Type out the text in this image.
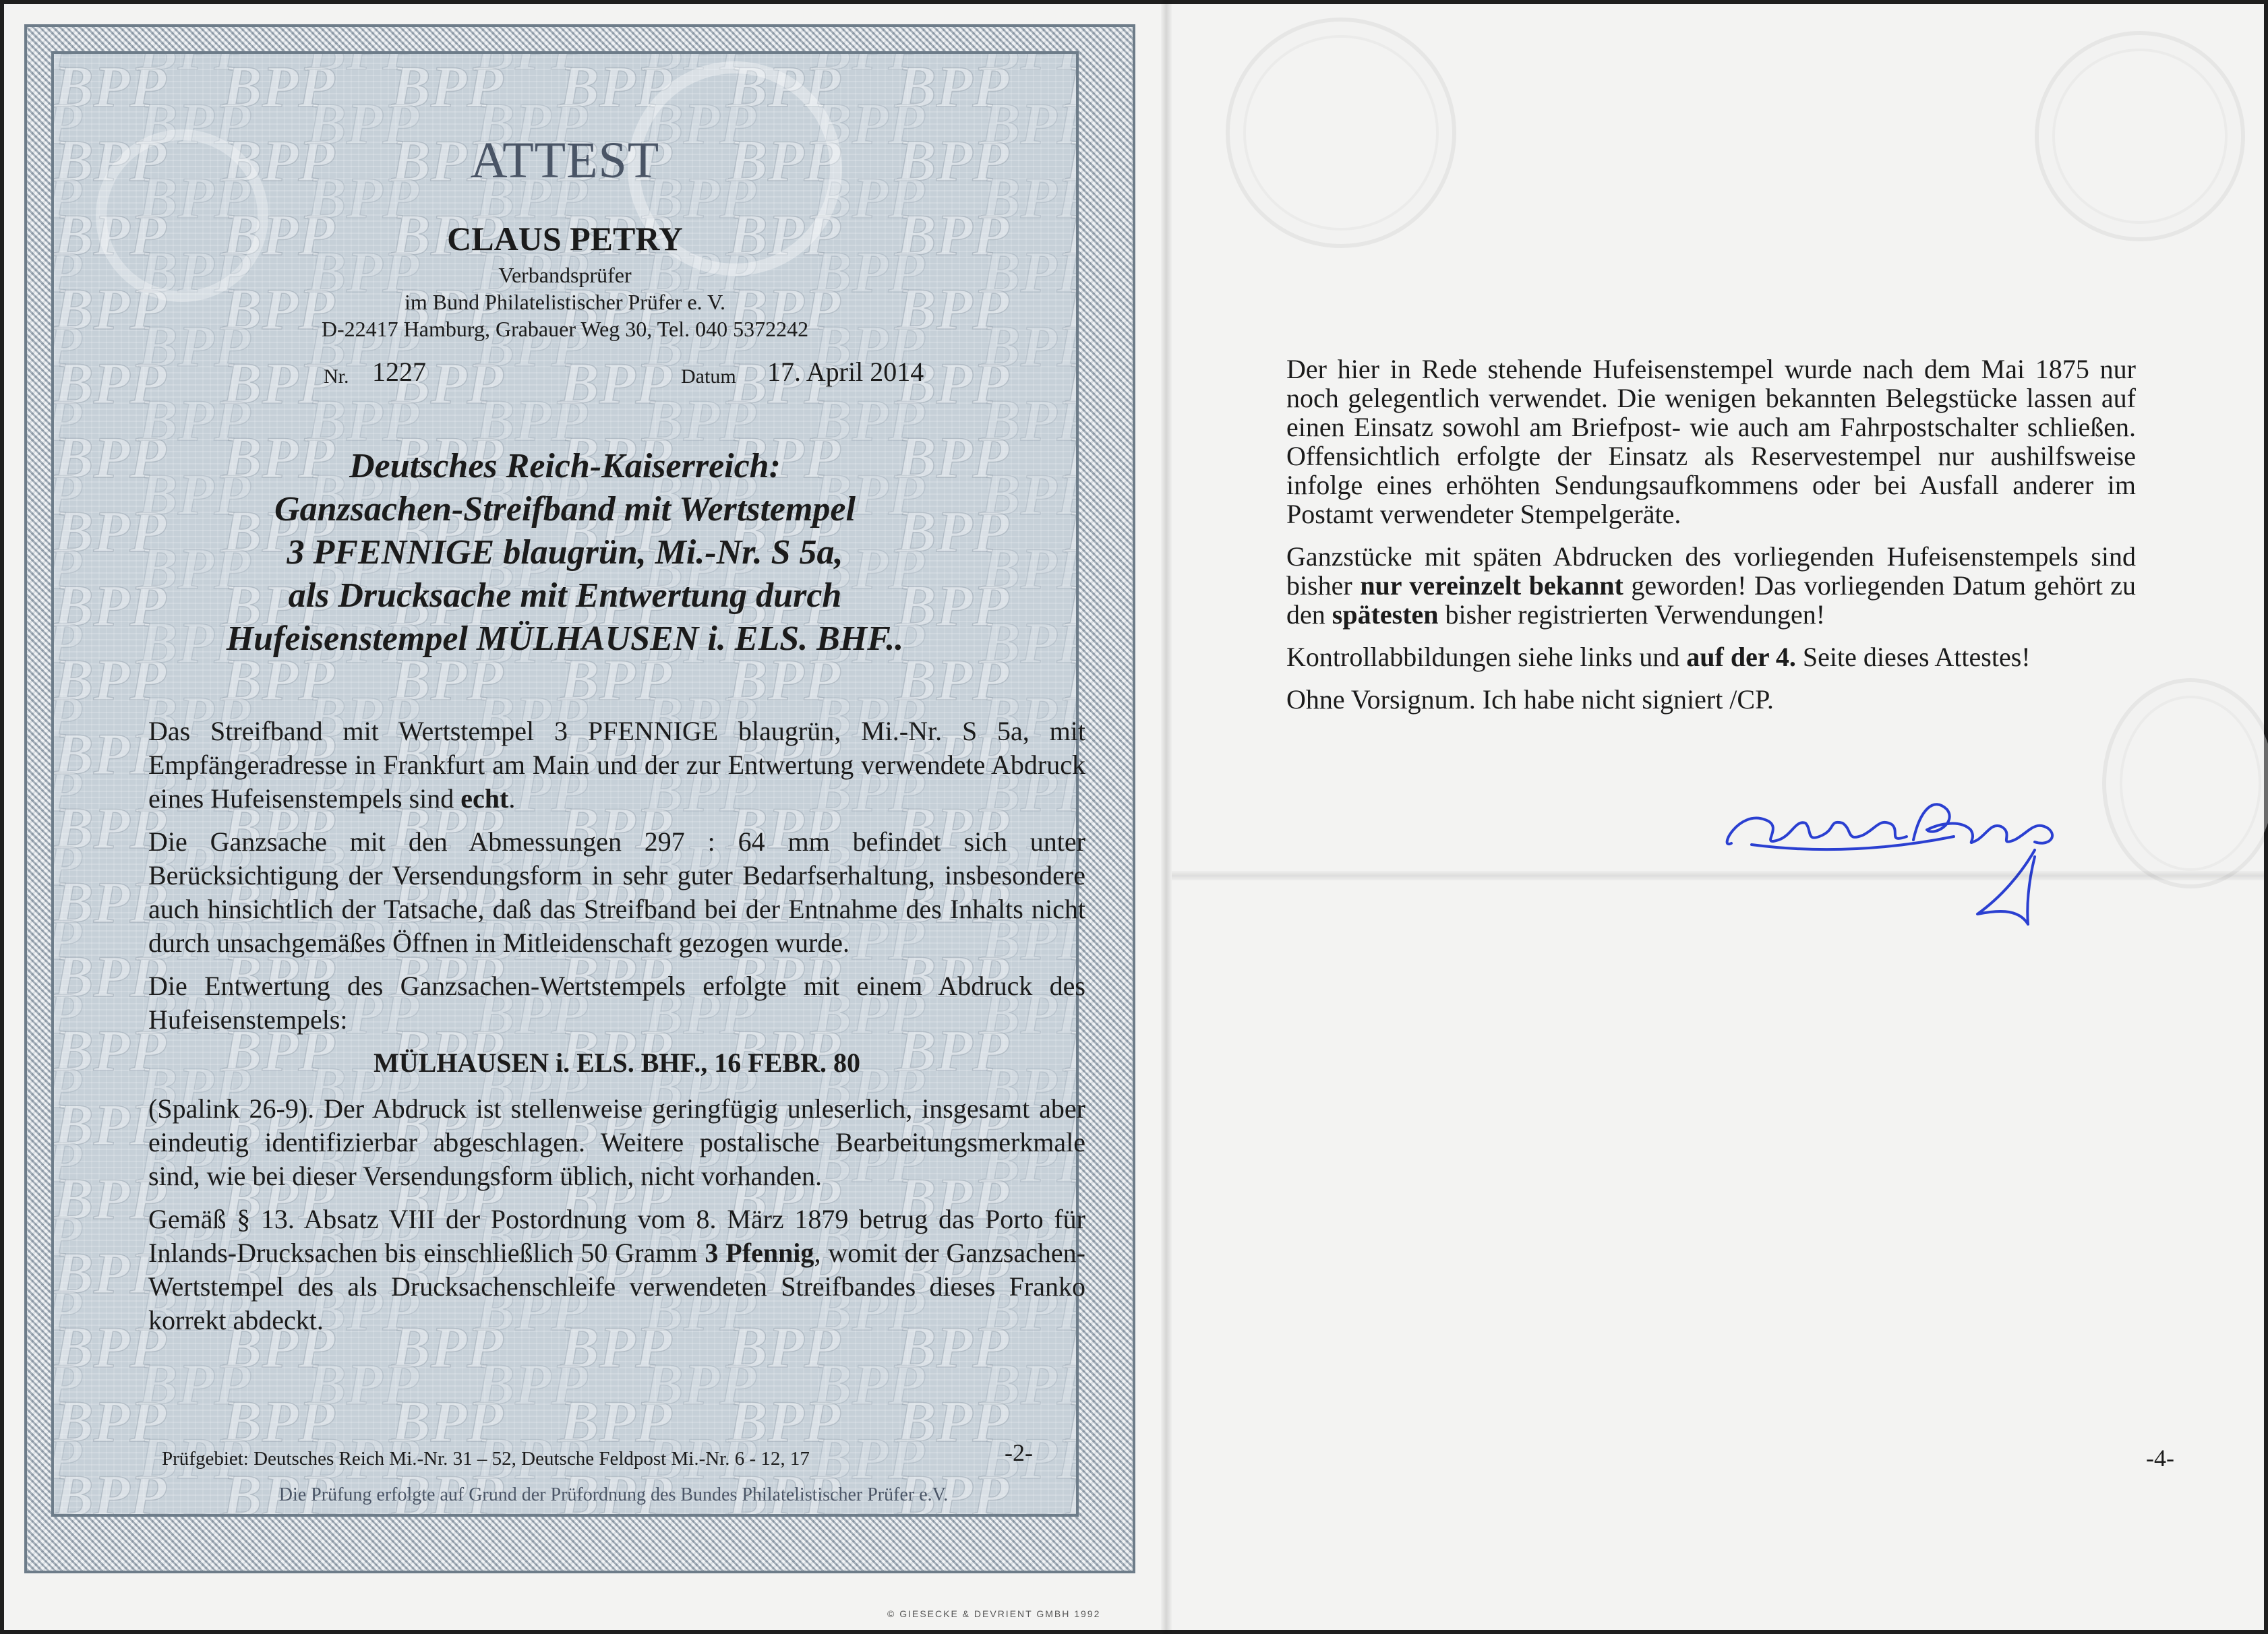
ATTEST
CLAUS PETRY
Verbandsprüfer
im Bund Philatelistischer Prüfer e. V.
D-22417 Hamburg, Grabauer Weg 30, Tel. 040 5372242
Nr. 1227	Datum 17. April 2014
Deutsches Reich-Kaiserreich:
Ganzsachen-Streifband mit Wertstempel
3 PFENNIGE blaugrün, Mi.-Nr. S 5a,
als Drucksache mit Entwertung durch
Hufeisenstempel MÜLHAUSEN i. ELS. BHF..

Das Streifband mit Wertstempel 3 PFENNIGE blaugrün, Mi.-Nr. S 5a, mit Empfängeradresse in Frankfurt am Main und der zur Entwertung verwendete Abdruck eines Hufeisenstempels sind echt.

Die Ganzsache mit den Abmessungen 297 : 64 mm befindet sich unter Berücksichtigung der Versendungsform in sehr guter Bedarfserhaltung, insbesondere auch hinsichtlich der Tatsache, daß das Streifband bei der Entnahme des Inhalts nicht durch unsachgemäßes Öffnen in Mitleidenschaft gezogen wurde.

Die Entwertung des Ganzsachen-Wertstempels erfolgte mit einem Abdruck des Hufeisenstempels:

MÜLHAUSEN i. ELS. BHF., 16 FEBR. 80

(Spalink 26-9). Der Abdruck ist stellenweise geringfügig unleserlich, insgesamt aber eindeutig identifizierbar abgeschlagen. Weitere postalische Bearbeitungsmerkmale sind, wie bei dieser Versendungsform üblich, nicht vorhanden.

Gemäß § 13. Absatz VIII der Postordnung vom 8. März 1879 betrug das Porto für Inlands-Drucksachen bis einschließlich 50 Gramm 3 Pfennig, womit der Ganzsachen-Wertstempel des als Drucksachenschleife verwendeten Streifbandes dieses Franko korrekt abdeckt.

Prüfgebiet: Deutsches Reich Mi.-Nr. 31 – 52, Deutsche Feldpost Mi.-Nr. 6 - 12, 17	-2-
Die Prüfung erfolgte auf Grund der Prüfordnung des Bundes Philatelistischer Prüfer e.V.
© GIESECKE & DEVRIENT GMBH 1992

Der hier in Rede stehende Hufeisenstempel wurde nach dem Mai 1875 nur noch gelegentlich verwendet. Die wenigen bekannten Belegstücke lassen auf einen Einsatz sowohl am Briefpost- wie auch am Fahrpostschalter schließen. Offensichtlich erfolgte der Einsatz als Reservestempel nur aushilfsweise infolge eines erhöhten Sendungsaufkommens oder bei Ausfall anderer im Postamt verwendeter Stempelgeräte.

Ganzstücke mit späten Abdrucken des vorliegenden Hufeisenstempels sind bisher nur vereinzelt bekannt geworden! Das vorliegenden Datum gehört zu den spätesten bisher registrierten Verwendungen!

Kontrollabbildungen siehe links und auf der 4. Seite dieses Attestes!

Ohne Vorsignum. Ich habe nicht signiert /CP.

-4-
